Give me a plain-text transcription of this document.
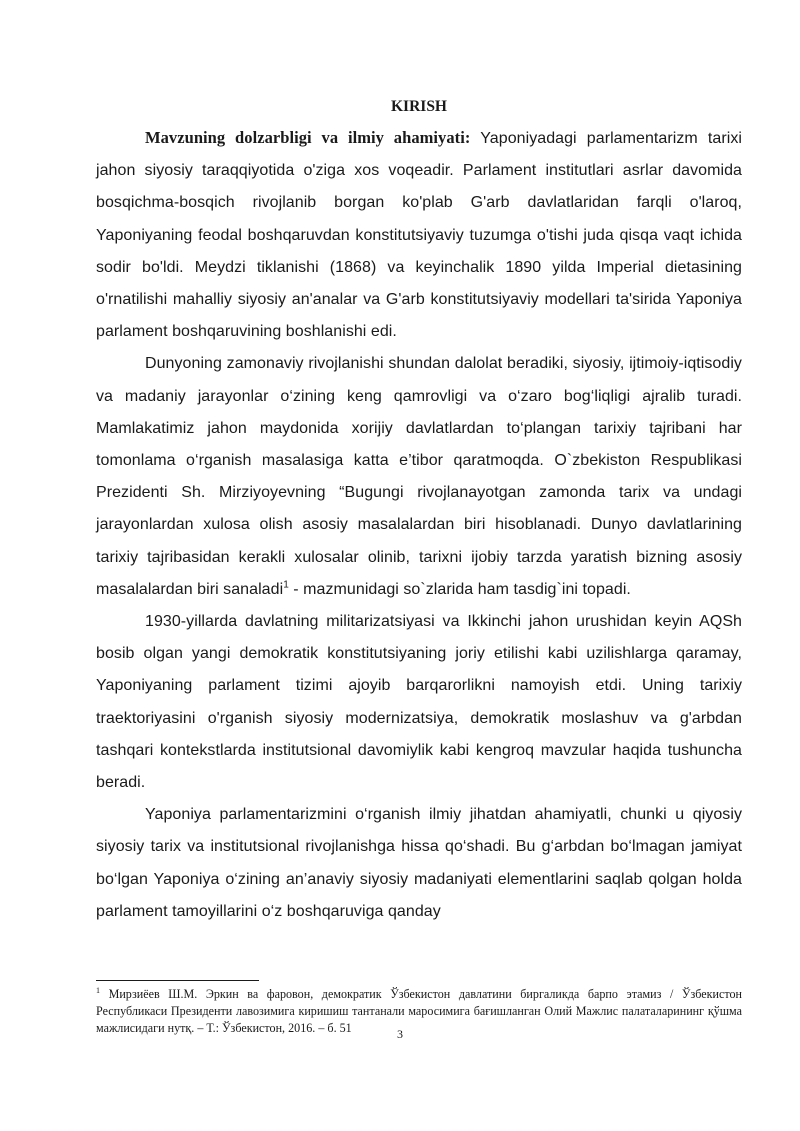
KIRISH

Mavzuning dolzarbligi va ilmiy ahamiyati: Yaponiyadagi parlamentarizm tarixi jahon siyosiy taraqqiyotida o'ziga xos voqeadir. Parlament institutlari asrlar davomida bosqichma-bosqich rivojlanib borgan ko'plab G'arb davlatlaridan farqli o'laroq, Yaponiyaning feodal boshqaruvdan konstitutsiyaviy tuzumga o'tishi juda qisqa vaqt ichida sodir bo'ldi. Meydzi tiklanishi (1868) va keyinchalik 1890 yilda Imperial dietasining o'rnatilishi mahalliy siyosiy an'analar va G'arb konstitutsiyaviy modellari ta'sirida Yaponiya parlament boshqaruvining boshlanishi edi.

Dunyoning zamonaviy rivojlanishi shundan dalolat beradiki, siyosiy, ijtimoiy-iqtisodiy va madaniy jarayonlar o‘zining keng qamrovligi va o‘zaro bog‘liqligi ajralib turadi. Mamlakatimiz jahon maydonida xorijiy davlatlardan to‘plangan tarixiy tajribani har tomonlama o‘rganish masalasiga katta e’tibor qaratmoqda. O`zbekiston Respublikasi Prezidenti Sh. Mirziyoyevning “Bugungi rivojlanayotgan zamonda tarix va undagi jarayonlardan xulosa olish asosiy masalalardan biri hisoblanadi. Dunyo davlatlarining tarixiy tajribasidan kerakli xulosalar olinib, tarixni ijobiy tarzda yaratish bizning asosiy masalalardan biri sanaladi$^1$ - mazmunidagi so`zlarida ham tasdig`ini topadi.

1930-yillarda davlatning militarizatsiyasi va Ikkinchi jahon urushidan keyin AQSh bosib olgan yangi demokratik konstitutsiyaning joriy etilishi kabi uzilishlarga qaramay, Yaponiyaning parlament tizimi ajoyib barqarorlikni namoyish etdi. Uning tarixiy traektoriyasini o'rganish siyosiy modernizatsiya, demokratik moslashuv va g'arbdan tashqari kontekstlarda institutsional davomiylik kabi kengroq mavzular haqida tushuncha beradi.

Yaponiya parlamentarizmini o‘rganish ilmiy jihatdan ahamiyatli, chunki u qiyosiy siyosiy tarix va institutsional rivojlanishga hissa qo‘shadi. Bu g‘arbdan bo‘lmagan jamiyat bo‘lgan Yaponiya o‘zining an’anaviy siyosiy madaniyati elementlarini saqlab qolgan holda parlament tamoyillarini o‘z boshqaruviga qanday

$^1$ Мирзиёев Ш.М. Эркин ва фаровон, демократик Ўзбекистон давлатини биргаликда барпо этамиз / Ўзбекистон Республикаси Президенти лавозимига киришиш тантанали маросимига бағишланган Олий Мажлис палаталарининг қўшма мажлисидаги нутқ. – Т.: Ўзбекистон, 2016. – б. 51	3
